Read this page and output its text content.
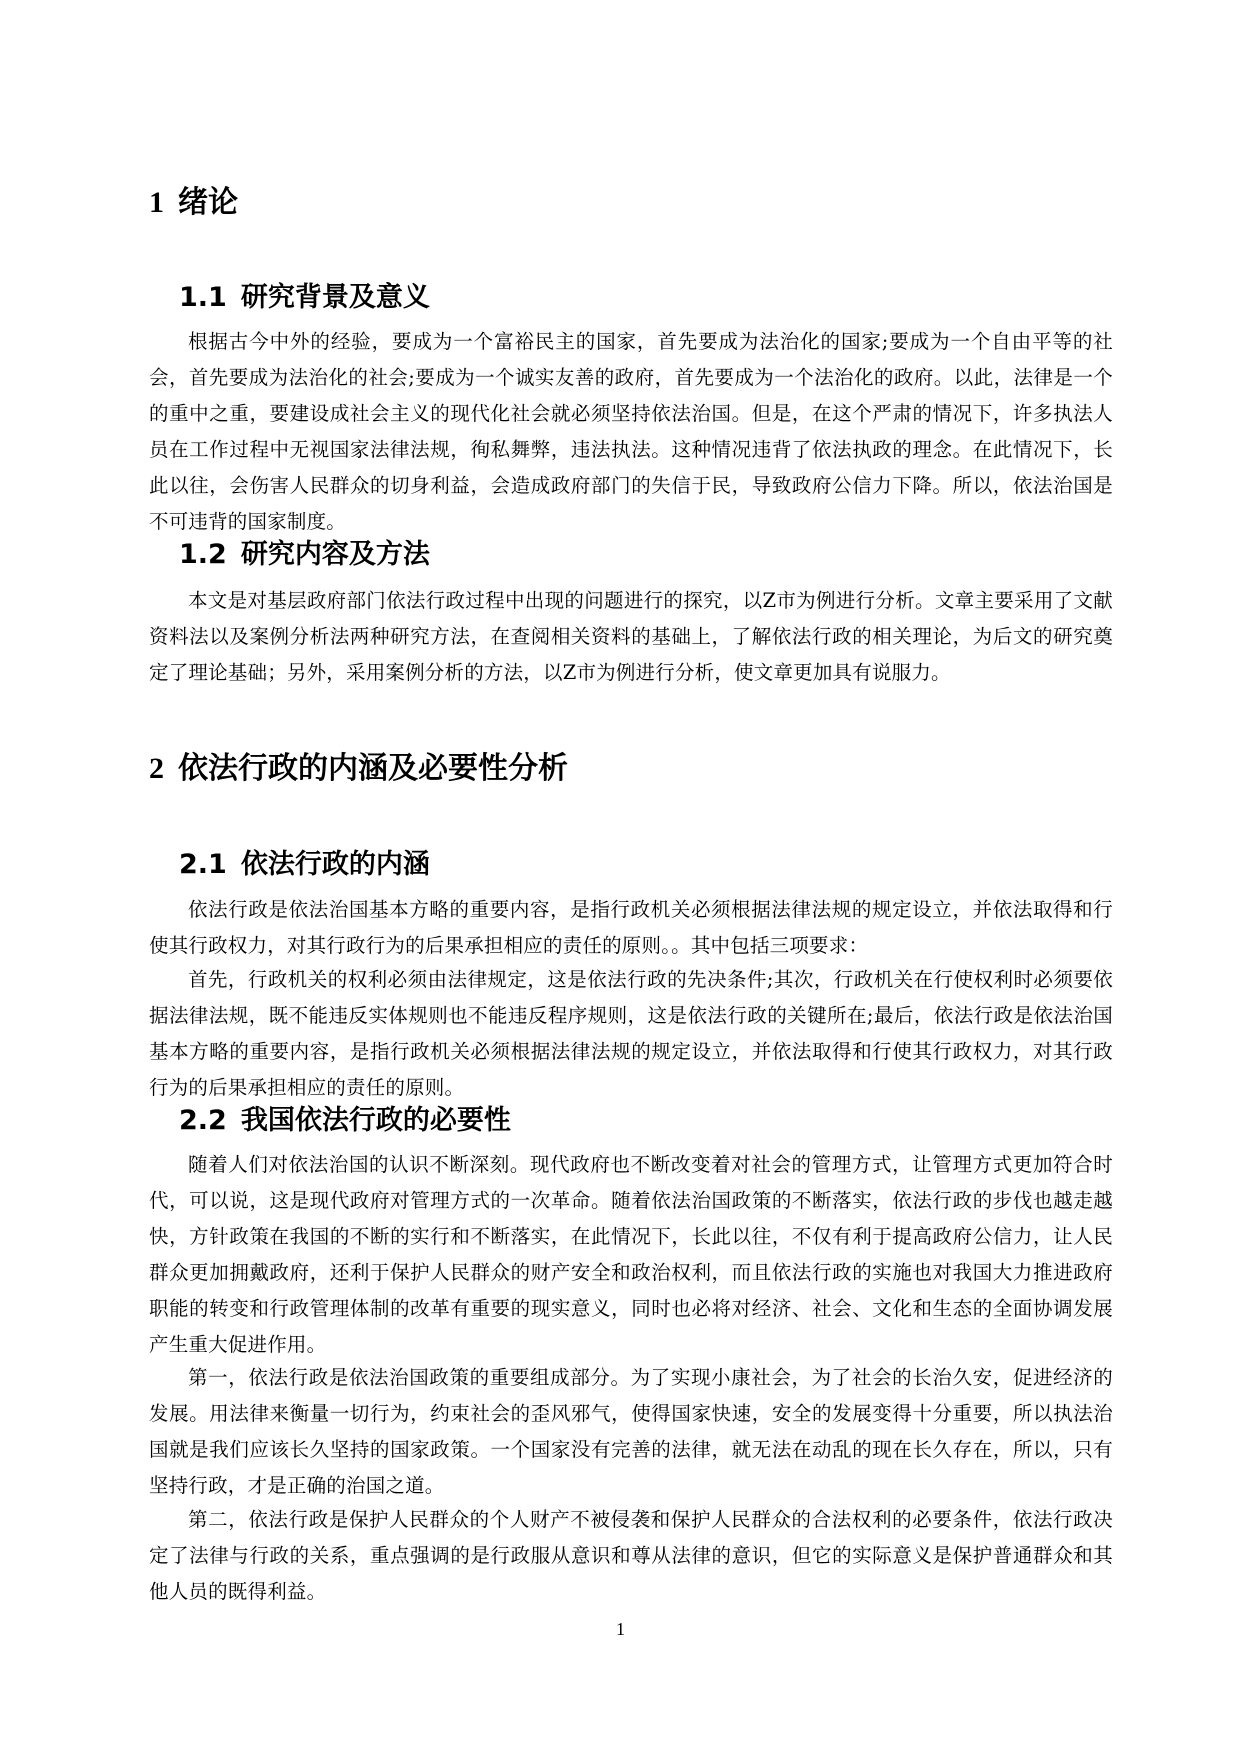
1 绪论
1.1 研究背景及意义

根据古今中外的经验，要成为一个富裕民主的国家，首先要成为法治化的国家;要成为一个自由平等的社会，首先要成为法治化的社会;要成为一个诚实友善的政府，首先要成为一个法治化的政府。以此，法律是一个的重中之重，要建设成社会主义的现代化社会就必须坚持依法治国。但是，在这个严肃的情况下，许多执法人员在工作过程中无视国家法律法规，徇私舞弊，违法执法。这种情况违背了依法执政的理念。在此情况下，长此以往，会伤害人民群众的切身利益，会造成政府部门的失信于民，导致政府公信力下降。所以，依法治国是不可违背的国家制度。

1.2 研究内容及方法

本文是对基层政府部门依法行政过程中出现的问题进行的探究，以Z市为例进行分析。文章主要采用了文献资料法以及案例分析法两种研究方法，在查阅相关资料的基础上，了解依法行政的相关理论，为后文的研究奠定了理论基础；另外，采用案例分析的方法，以Z市为例进行分析，使文章更加具有说服力。

2 依法行政的内涵及必要性分析
2.1 依法行政的内涵

依法行政是依法治国基本方略的重要内容，是指行政机关必须根据法律法规的规定设立，并依法取得和行使其行政权力，对其行政行为的后果承担相应的责任的原则。。其中包括三项要求：

首先，行政机关的权利必须由法律规定，这是依法行政的先决条件;其次，行政机关在行使权利时必须要依据法律法规，既不能违反实体规则也不能违反程序规则，这是依法行政的关键所在;最后，依法行政是依法治国基本方略的重要内容，是指行政机关必须根据法律法规的规定设立，并依法取得和行使其行政权力，对其行政行为的后果承担相应的责任的原则。

2.2 我国依法行政的必要性

随着人们对依法治国的认识不断深刻。现代政府也不断改变着对社会的管理方式，让管理方式更加符合时代，可以说，这是现代政府对管理方式的一次革命。随着依法治国政策的不断落实，依法行政的步伐也越走越快，方针政策在我国的不断的实行和不断落实，在此情况下，长此以往，不仅有利于提高政府公信力，让人民群众更加拥戴政府，还利于保护人民群众的财产安全和政治权利，而且依法行政的实施也对我国大力推进政府职能的转变和行政管理体制的改革有重要的现实意义，同时也必将对经济、社会、文化和生态的全面协调发展产生重大促进作用。

第一，依法行政是依法治国政策的重要组成部分。为了实现小康社会，为了社会的长治久安，促进经济的发展。用法律来衡量一切行为，约束社会的歪风邪气，使得国家快速，安全的发展变得十分重要，所以执法治国就是我们应该长久坚持的国家政策。一个国家没有完善的法律，就无法在动乱的现在长久存在，所以，只有坚持行政，才是正确的治国之道。

第二，依法行政是保护人民群众的个人财产不被侵袭和保护人民群众的合法权利的必要条件，依法行政决定了法律与行政的关系，重点强调的是行政服从意识和尊从法律的意识，但它的实际意义是保护普通群众和其他人员的既得利益。

1
